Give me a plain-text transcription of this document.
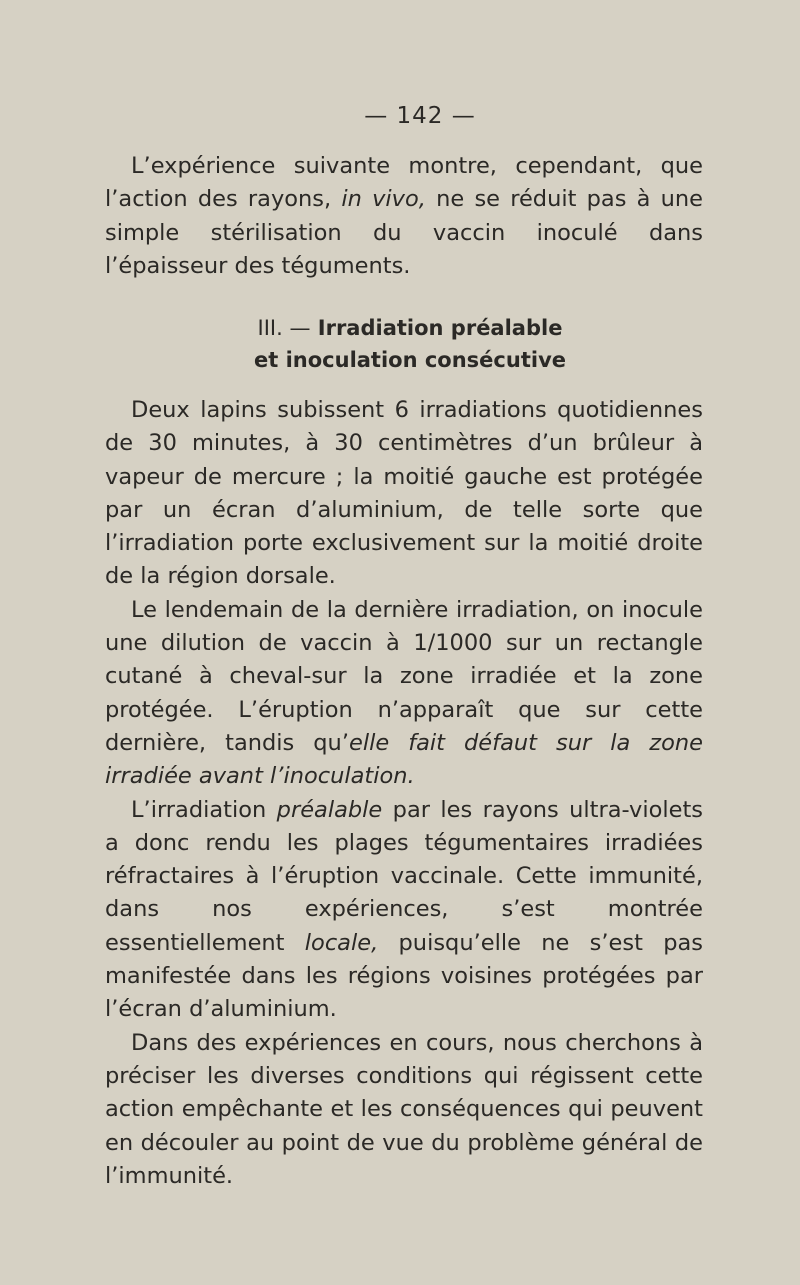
— 142 —

L’expérience suivante montre, cependant, que l’action des rayons, in vivo, ne se réduit pas à une simple stérilisation du vaccin inoculé dans l’épaisseur des téguments.

III. — Irradiation préalable
et inoculation consécutive

Deux lapins subissent 6 irradiations quotidiennes de 30 minutes, à 30 centimètres d’un brûleur à vapeur de mercure ; la moitié gauche est protégée par un écran d’aluminium, de telle sorte que l’irradiation porte exclusivement sur la moitié droite de la région dorsale.

Le lendemain de la dernière irradiation, on inocule une dilution de vaccin à 1/1000 sur un rectangle cutané à cheval-sur la zone irradiée et la zone protégée. L’éruption n’apparaît que sur cette dernière, tandis qu’elle fait défaut sur la zone irradiée avant l’inoculation.

L’irradiation préalable par les rayons ultra-violets a donc rendu les plages tégumentaires irradiées réfractaires à l’éruption vaccinale. Cette immunité, dans nos expériences, s’est montrée essentiellement locale, puisqu’elle ne s’est pas manifestée dans les régions voisines protégées par l’écran d’aluminium.

Dans des expériences en cours, nous cherchons à préciser les diverses conditions qui régissent cette action empêchante et les conséquences qui peuvent en découler au point de vue du problème général de l’immunité.
